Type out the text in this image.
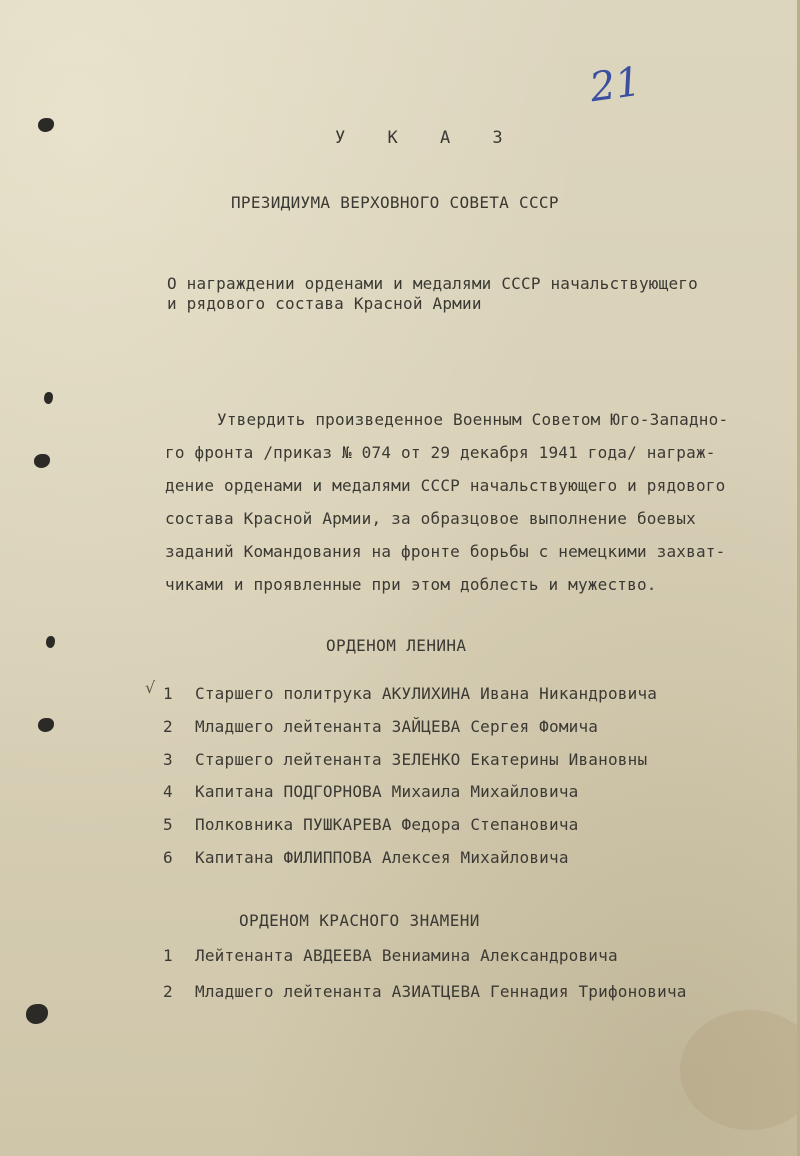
21
У К А З
ПРЕЗИДИУМА ВЕРХОВНОГО СОВЕТА СССР
О награждении орденами и медалями СССР начальствующего
и рядового состава Красной Армии
Утвердить произведенное Военным Советом Юго-Западно-
го фронта /приказ № 074 от 29 декабря 1941 года/ награж-
дение орденами и медалями СССР начальствующего и рядового
состава Красной Армии, за образцовое выполнение боевых
заданий Командования на фронте борьбы с немецкими захват-
чиками и проявленные при этом доблесть и мужество.
ОРДЕНОМ ЛЕНИНА
√ 1 Старшего политрука АКУЛИХИНА Ивана Никандровича
2 Младшего лейтенанта ЗАЙЦЕВА Сергея Фомича
3 Старшего лейтенанта ЗЕЛЕНКО Екатерины Ивановны
4 Капитана ПОДГОРНОВА Михаила Михайловича
5 Полковника ПУШКАРЕВА Федора Степановича
6 Капитана ФИЛИППОВА Алексея Михайловича
ОРДЕНОМ КРАСНОГО ЗНАМЕНИ
1 Лейтенанта АВДЕЕВА Вениамина Александровича
2 Младшего лейтенанта АЗИАТЦЕВА Геннадия Трифоновича
